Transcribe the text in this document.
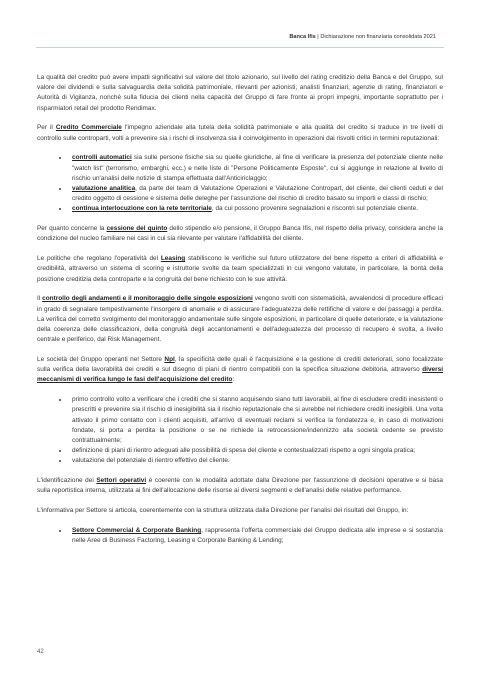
Banca Ifis | Dichiarazione non finanziaria consolidata 2021

La qualità del credito può avere impatti significativi sul valore del titolo azionario, sul livello del rating creditizio della Banca e del Gruppo, sul valore dei dividendi e sulla salvaguardia della solidità patrimoniale, rilevanti per azionisti, analisti finanziari, agenzie di rating, finanziatori e Autorità di Vigilanza, nonché sulla fiducia dei clienti nella capacità del Gruppo di fare fronte ai propri impegni, importante soprattutto per i risparmiatori retail del prodotto Rendimax.

Per il Credito Commerciale l'impegno aziendale alla tutela della solidità patrimoniale e alla qualità del credito si traduce in tre livelli di controllo sulle controparti, volti a prevenire sia i rischi di insolvenza sia il coinvolgimento in operazioni dai risvolti critici in termini reputazionali:

• controlli automatici sia sulle persone fisiche sia su quelle giuridiche, al fine di verificare la presenza del potenziale cliente nelle "watch list" (terrorismo, embarghi, ecc.) e nelle liste di "Persone Politicamente Esposte", cui si aggiunge in relazione al livello di rischio un'analisi delle notizie di stampa effettuata dall'Anticiriclaggio;
• valutazione analitica, da parte dei team di Valutazione Operazioni e Valutazione Contropart, del cliente, dei clienti ceduti e del credito oggetto di cessione e sistema delle deleghe per l'assunzione del rischio di credito basato su importi e classi di rischio;
• continua interlocuzione con la rete territoriale, da cui possono provenire segnalazioni e riscontri sul potenziale cliente.

Per quanto concerne la cessione del quinto dello stipendio e/o pensione, il Gruppo Banca Ifis, nel rispetto della privacy, considera anche la condizione del nucleo familiare nei casi in cui sia rilevante per valutare l'affidabilità del cliente.

Le politiche che regolano l'operatività del Leasing stabiliscono le verifiche sul futuro utilizzatore del bene rispetto a criteri di affidabilità e credibilità, attraverso un sistema di scoring e istruttorie svolte da team specializzati in cui vengono valutate, in particolare, la bontà della posizione creditizia della controparte e la congruità del bene richiesto con le sue attività.

Il controllo degli andamenti e il monitoraggio delle singole esposizioni vengono svolti con sistematicità, avvalendosi di procedure efficaci in grado di segnalare tempestivamente l'insorgere di anomalie e di assicurare l'adeguatezza delle rettifiche di valore e dei passaggi a perdita. La verifica del corretto svolgimento del monitoraggio andamentale sulle singole esposizioni, in particolare di quelle deteriorate, e la valutazione della coerenza delle classificazioni, della congruità degli accantonamenti e dell'adeguatezza del processo di recupero è svolta, a livello centrale e periferico, dal Risk Management.

Le società del Gruppo operanti nel Settore Npl, la specificità delle quali è l'acquisizione e la gestione di crediti deteriorati, sono focalizzate sulla verifica della lavorabilità dei crediti e sul disegno di piani di rientro compatibili con la specifica situazione debitoria, attraverso diversi meccanismi di verifica lungo le fasi dell'acquisizione del credito:

• primo controllo volto a verificare che i crediti che si stanno acquisendo siano tutti lavorabili, al fine di escludere crediti inesistenti o prescritti e prevenire sia il rischio di inesigibilità sia il rischio reputazionale che si avrebbe nel richiedere crediti inesigibili. Una volta attivato il primo contatto con i clienti acquisiti, all'arrivo di eventuali reclami si verifica la fondatezza e, in caso di motivazioni fondate, si porta a perdita la posizione o se ne richiede la retrocessione/indennizzo alla società cedente se previsto contrattualmente;
• definizione di piani di rientro adeguati alle possibilità di spesa del cliente e contestualizzati rispetto a ogni singola pratica;
• valutazione del potenziale di rientro effettivo del cliente.

L'identificazione dei Settori operativi è coerente con le modalità adottate dalla Direzione per l'assunzione di decisioni operative e si basa sulla reportistica interna, utilizzata ai fini dell'allocazione delle risorse ai diversi segmenti e dell'analisi delle relative performance.

L'informativa per Settore si articola, coerentemente con la struttura utilizzata dalla Direzione per l'analisi dei risultati del Gruppo, in:

• Settore Commercial & Corporate Banking, rappresenta l'offerta commerciale del Gruppo dedicata alle imprese e si sostanzia nelle Aree di Business Factoring, Leasing e Corporate Banking & Lending;
42
